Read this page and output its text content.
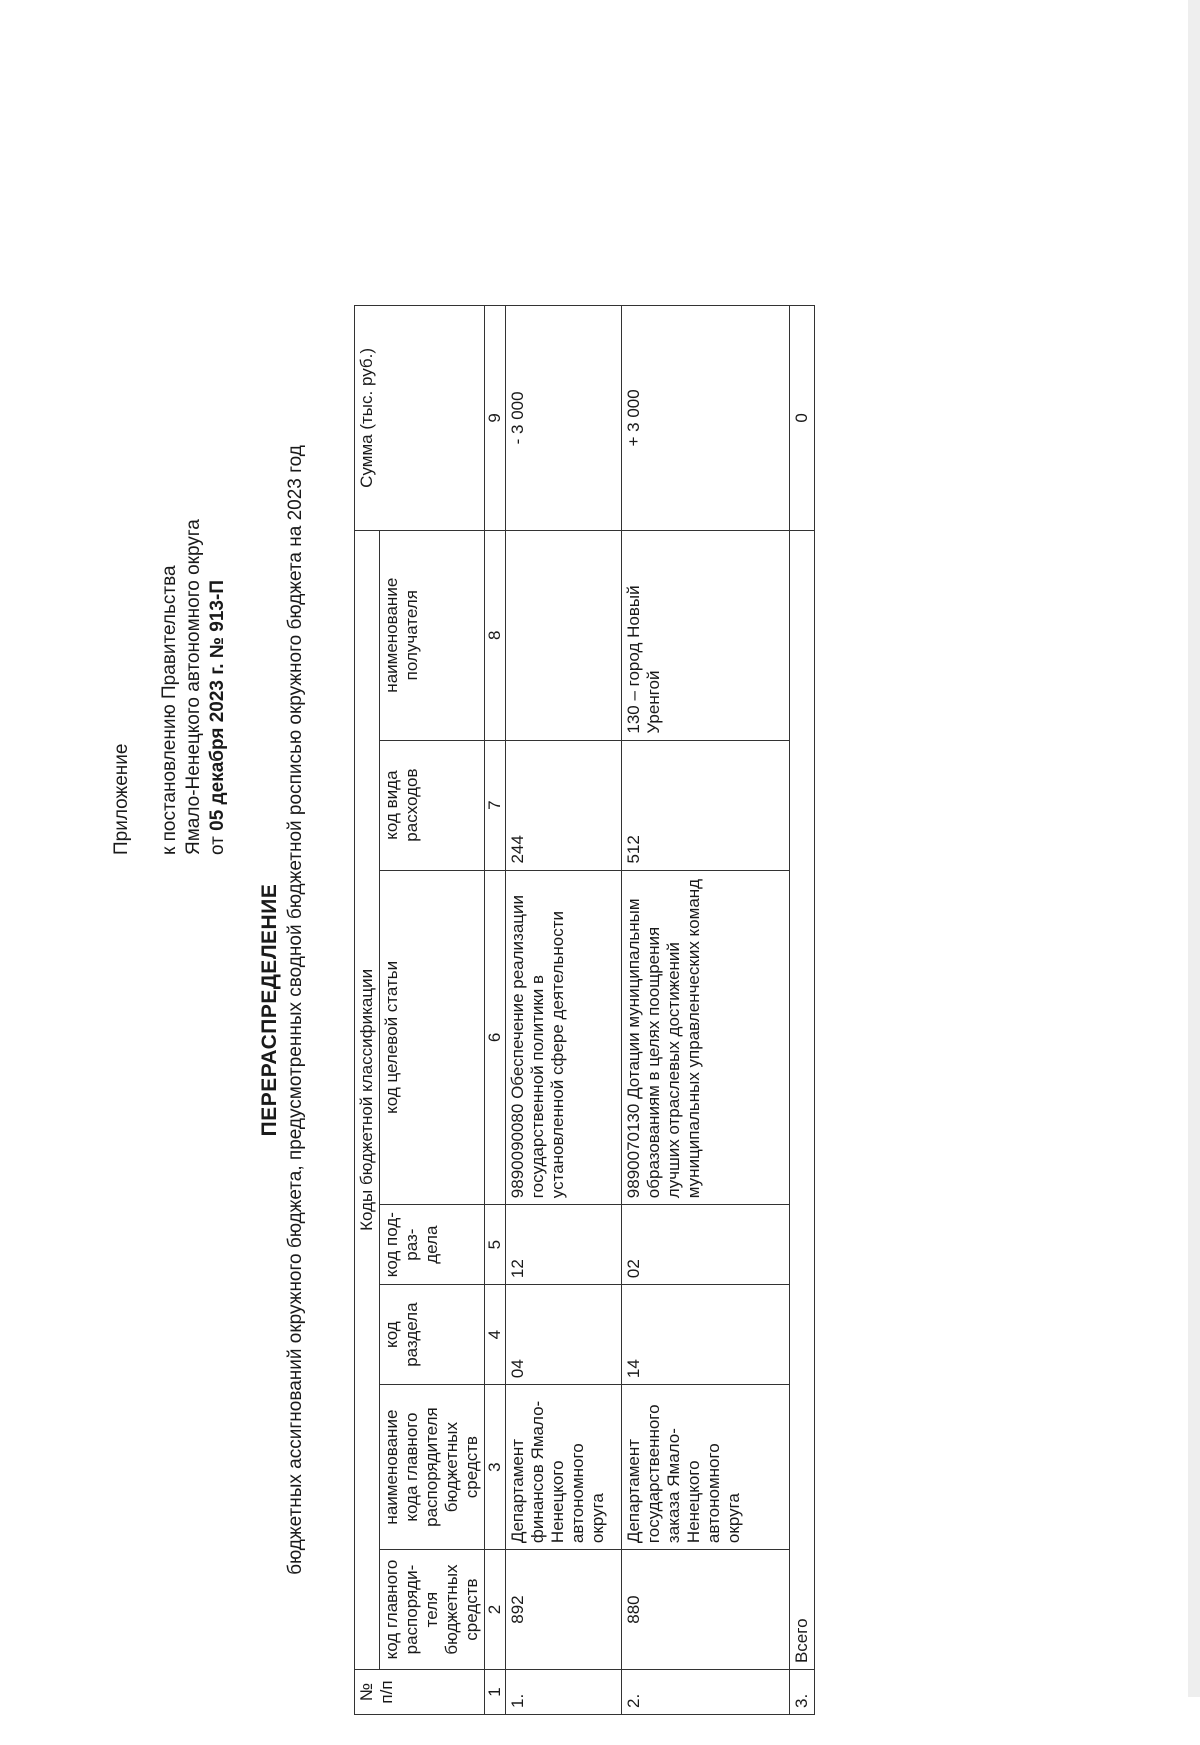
Приложение к постановлению Правительства Ямало-Ненецкого автономного округа от 05 декабря 2023 г. № 913-П
ПЕРЕРАСПРЕДЕЛЕНИЕ бюджетных ассигнований окружного бюджета, предусмотренных сводной бюджетной росписью окружного бюджета на 2023 год
№ п/п	Коды бюджетной классификации							Сумма (тыс. руб.)
	код главного распоряди-теля бюджетных средств	наименование кода главного распорядителя бюджетных средств	код раздела	код под-раз-дела	код целевой статьи	код вида расходов	наименование получателя	
1	2	3	4	5	6	7	8	9
1.	892	Департамент финансов Ямало-Ненецкого автономного округа	04	12	9890090080 Обеспечение реализации государственной политики в установленной сфере деятельности	244		- 3 000
2.	880	Департамент государственного заказа Ямало-Ненецкого автономного округа	14	02	9890070130 Дотации муниципальным образованиям в целях поощрения лучших отраслевых достижений муниципальных управленческих команд	512	130 – город Новый Уренгой	+ 3 000
3.	Всего							0
